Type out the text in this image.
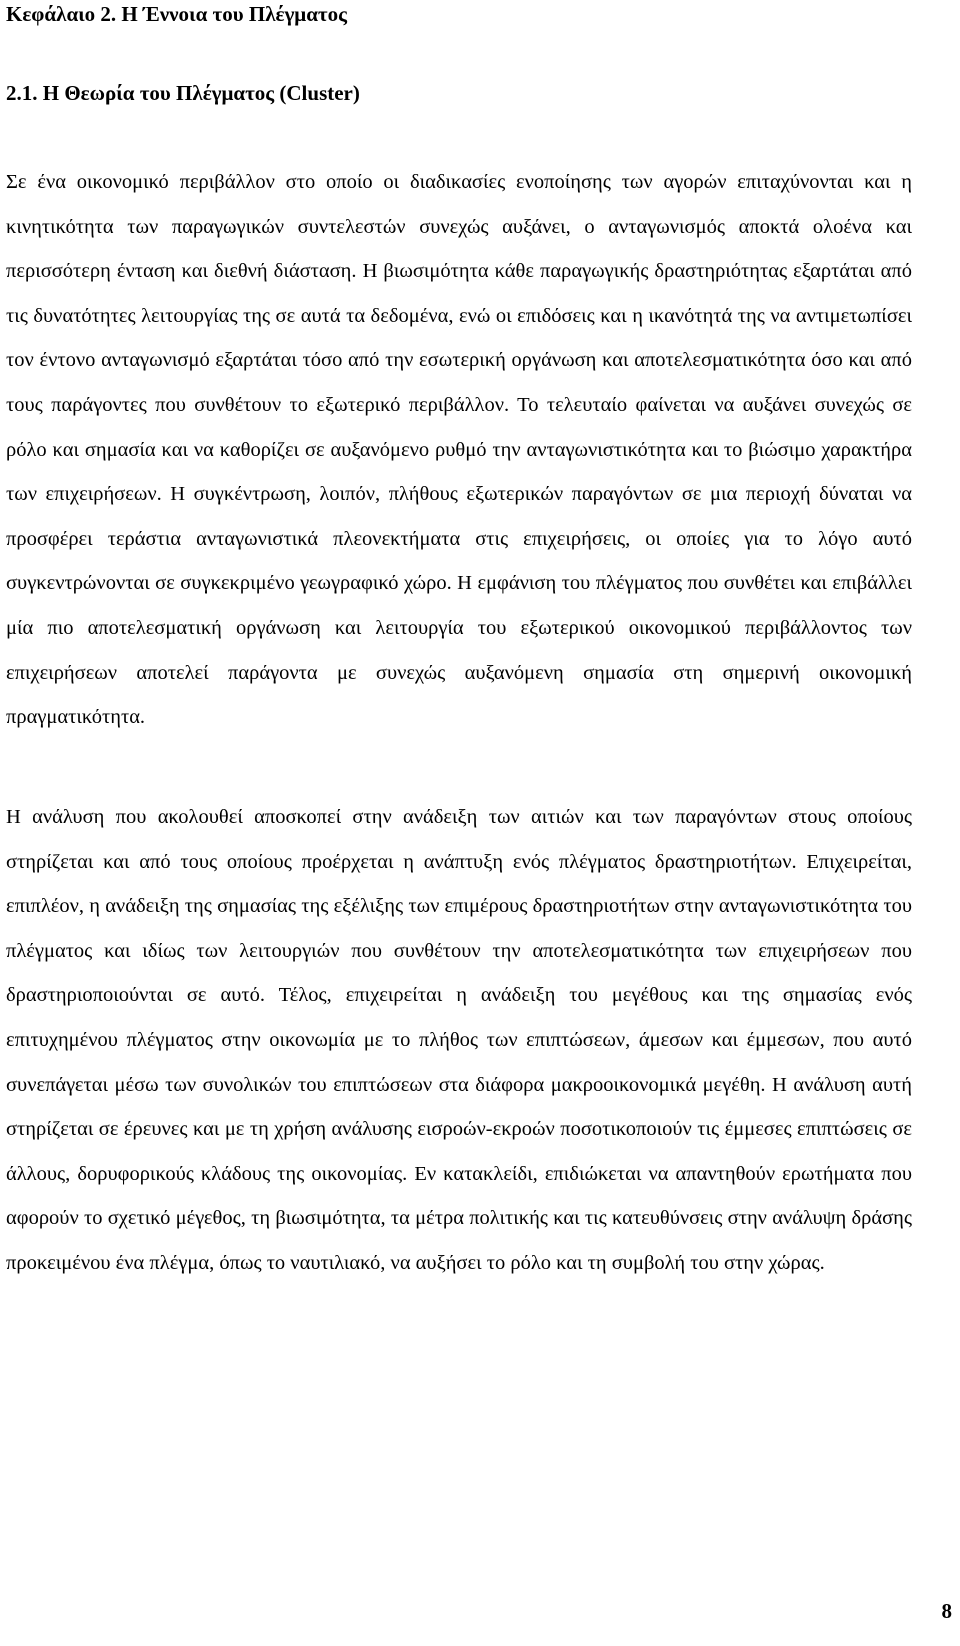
Κεφάλαιο 2. Η Έννοια του Πλέγματος
2.1. Η Θεωρία του Πλέγματος (Cluster)

Σε ένα οικονομικό περιβάλλον στο οποίο οι διαδικασίες ενοποίησης των αγορών επιταχύνονται και η κινητικότητα των παραγωγικών συντελεστών συνεχώς αυξάνει, ο ανταγωνισμός αποκτά ολοένα και περισσότερη ένταση και διεθνή διάσταση. Η βιωσιμότητα κάθε παραγωγικής δραστηριότητας εξαρτάται από τις δυνατότητες λειτουργίας της σε αυτά τα δεδομένα, ενώ οι επιδόσεις και η ικανότητά της να αντιμετωπίσει τον έντονο ανταγωνισμό εξαρτάται τόσο από την εσωτερική οργάνωση και αποτελεσματικότητα όσο και από τους παράγοντες που συνθέτουν το εξωτερικό περιβάλλον. Το τελευταίο φαίνεται να αυξάνει συνεχώς σε ρόλο και σημασία και να καθορίζει σε αυξανόμενο ρυθμό την ανταγωνιστικότητα και το βιώσιμο χαρακτήρα των επιχειρήσεων. Η συγκέντρωση, λοιπόν, πλήθους εξωτερικών παραγόντων σε μια περιοχή δύναται να προσφέρει τεράστια ανταγωνιστικά πλεονεκτήματα στις επιχειρήσεις, οι οποίες για το λόγο αυτό συγκεντρώνονται σε συγκεκριμένο γεωγραφικό χώρο. Η εμφάνιση του πλέγματος που συνθέτει και επιβάλλει μία πιο αποτελεσματική οργάνωση και λειτουργία του εξωτερικού οικονομικού περιβάλλοντος των επιχειρήσεων αποτελεί παράγοντα με συνεχώς αυξανόμενη σημασία στη σημερινή οικονομική πραγματικότητα.

Η ανάλυση που ακολουθεί αποσκοπεί στην ανάδειξη των αιτιών και των παραγόντων στους οποίους στηρίζεται και από τους οποίους προέρχεται η ανάπτυξη ενός πλέγματος δραστηριοτήτων. Επιχειρείται, επιπλέον, η ανάδειξη της σημασίας της εξέλιξης των επιμέρους δραστηριοτήτων στην ανταγωνιστικότητα του πλέγματος και ιδίως των λειτουργιών που συνθέτουν την αποτελεσματικότητα των επιχειρήσεων που δραστηριοποιούνται σε αυτό. Τέλος, επιχειρείται η ανάδειξη του μεγέθους και της σημασίας ενός επιτυχημένου πλέγματος στην οικονωμία με το πλήθος των επιπτώσεων, άμεσων και έμμεσων, που αυτό συνεπάγεται μέσω των συνολικών του επιπτώσεων στα διάφορα μακροοικονομικά μεγέθη. Η ανάλυση αυτή στηρίζεται σε έρευνες και με τη χρήση ανάλυσης εισροών-εκροών ποσοτικοποιούν τις έμμεσες επιπτώσεις σε άλλους, δορυφορικούς κλάδους της οικονομίας. Εν κατακλείδι, επιδιώκεται να απαντηθούν ερωτήματα που αφορούν το σχετικό μέγεθος, τη βιωσιμότητα, τα μέτρα πολιτικής και τις κατευθύνσεις στην ανάλυψη δράσης προκειμένου ένα πλέγμα, όπως το ναυτιλιακό, να αυξήσει το ρόλο και τη συμβολή του στην χώρας.

8
